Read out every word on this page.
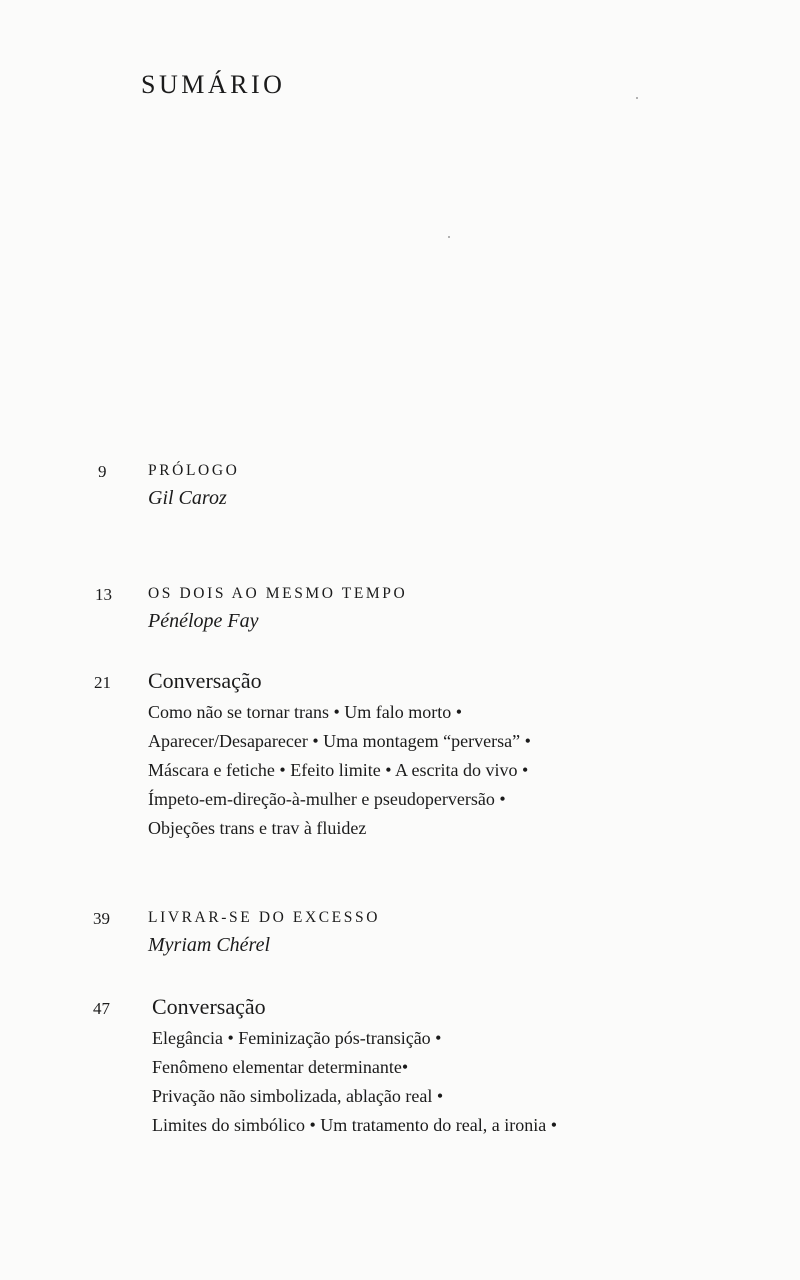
SUMÁRIO
9	PRÓLOGO
Gil Caroz
13	OS DOIS AO MESMO TEMPO
Pénélope Fay
21	Conversação
Como não se tornar trans • Um falo morto •
Aparecer/Desaparecer • Uma montagem “perversa” •
Máscara e fetiche • Efeito limite • A escrita do vivo •
Ímpeto-em-direção-à-mulher e pseudoperversão •
Objeções trans e trav à fluidez
39	LIVRAR-SE DO EXCESSO
Myriam Chérel
47	Conversação
Elegância • Feminização pós-transição •
Fenômeno elementar determinante•
Privação não simbolizada, ablação real •
Limites do simbólico • Um tratamento do real, a ironia •
